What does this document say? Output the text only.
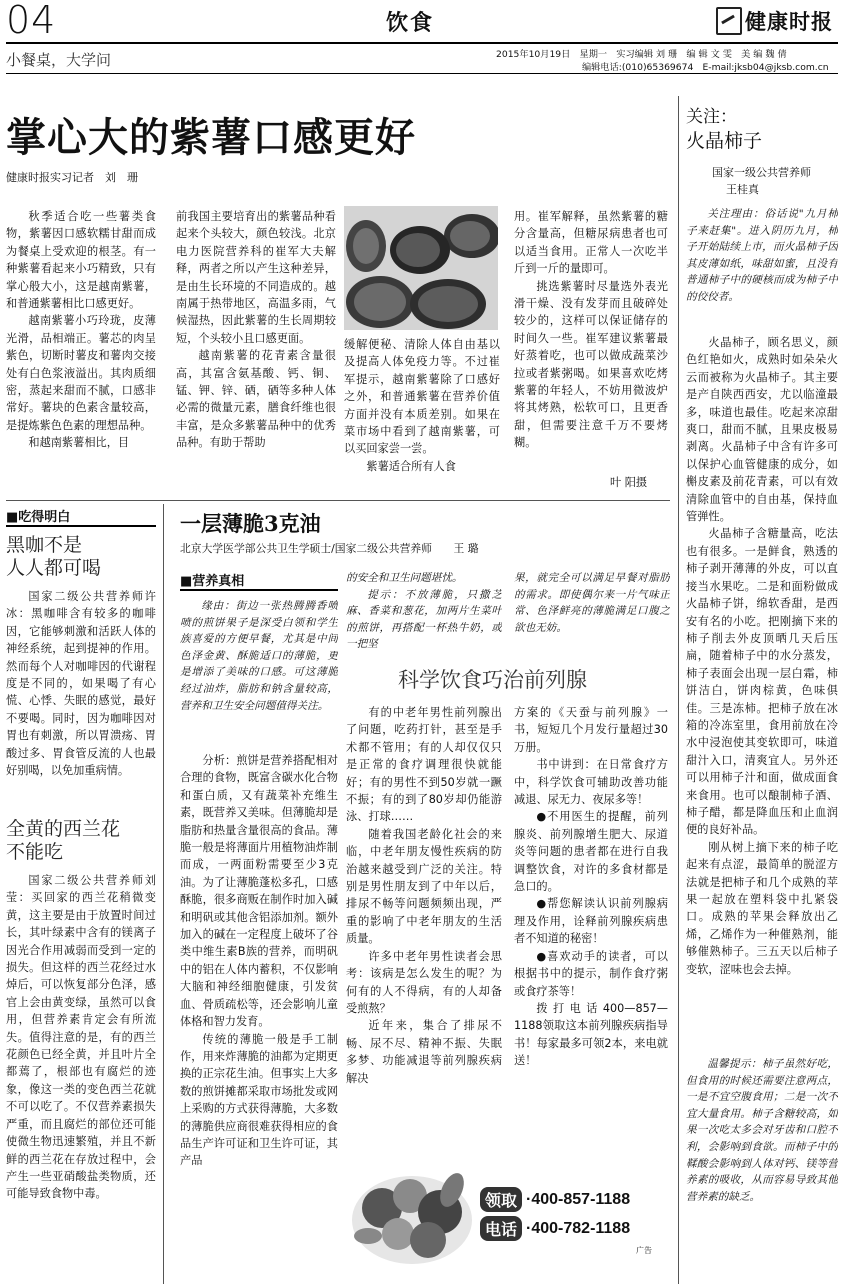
04	饮食	健康时报
小餐桌，大学问	2015年10月19日　星期一　实习编辑 刘 珊　编 辑 文 雯　美 编 魏 倩
编辑电话:(010)65369674　E-mail:jksb04@jksb.com.cn
掌心大的紫薯口感更好
健康时报实习记者　刘　珊

秋季适合吃一些薯类食物，紫薯因口感软糯甘甜而成为餐桌上受欢迎的根茎。有一种紫薯看起来小巧精致，只有掌心般大小，这是越南紫薯，和普通紫薯相比口感更好。

越南紫薯小巧玲珑，皮薄光滑，品相端正。薯芯的肉呈紫色，切断时薯皮和薯肉交接处有白色浆液溢出。其肉质细密，蒸起来甜而不腻，口感非常好。薯块的色素含量较高，是提炼紫色色素的理想品种。

和越南紫薯相比，目

前我国主要培育出的紫薯品种看起来个头较大，颜色较浅。北京电力医院营养科的崔军大夫解释，两者之所以产生这种差异，是由生长环境的不同造成的。越南属于热带地区，高温多雨，气候湿热，因此紫薯的生长周期较短，个头较小且口感更面。

越南紫薯的花青素含量很高，其富含氨基酸、钙、铜、锰、钾、锌、硒，硒等多种人体必需的微量元素，膳食纤维也很丰富，是众多紫薯品种中的优秀品种。有助于帮助

缓解便秘、清除人体自由基以及提高人体免疫力等。不过崔军提示，越南紫薯除了口感好之外，和普通紫薯在营养价值方面并没有本质差别。如果在菜市场中看到了越南紫薯，可以买回家尝一尝。

紫薯适合所有人食

用。崔军解释，虽然紫薯的糖分含量高，但糖尿病患者也可以适当食用。正常人一次吃半斤到一斤的量即可。

挑选紫薯时尽量选外表光滑干燥、没有发芽而且破碎处较少的，这样可以保证储存的时间久一些。崔军建议紫薯最好蒸着吃，也可以做成蔬菜沙拉或者紫粥喝。如果喜欢吃烤紫薯的年轻人，不妨用微波炉将其烤熟，松软可口，且更香甜，但需要注意千万不要烤糊。

叶 阳摄
■吃得明白
黑咖不是
人人都可喝

国家二级公共营养师许冰：黑咖啡含有较多的咖啡因，它能够刺激和活跃人体的神经系统，起到提神的作用。然而每个人对咖啡因的代谢程度是不同的，如果喝了有心慌、心悸、失眠的感觉，最好不要喝。同时，因为咖啡因对胃也有刺激，所以胃溃疡、胃酸过多、胃食管反流的人也最好别喝，以免加重病情。

全黄的西兰花
不能吃

国家二级公共营养师刘莹：买回家的西兰花稍微变黄，这主要是由于放置时间过长，其叶绿素中含有的镁离子因光合作用减弱而受到一定的损失。但这样的西兰花经过水焯后，可以恢复部分色泽，感官上会由黄变绿，虽然可以食用，但营养素肯定会有所流失。值得注意的是，有的西兰花颜色已经全黄，并且叶片全都蔫了，根部也有腐烂的迹象，像这一类的变色西兰花就不可以吃了。不仅营养素损失严重，而且腐烂的部位还可能使微生物迅速繁殖，并且不新鲜的西兰花在存放过程中，会产生一些亚硝酸盐类物质，还可能导致食物中毒。

一层薄脆3克油
北京大学医学部公共卫生学硕士/国家二级公共营养师　　王 璐
■营养真相

缘由：街边一张热腾腾香喷喷的煎饼果子是深受白领和学生族喜爱的方便早餐，尤其是中间色泽金黄、酥脆适口的薄脆，更是增添了美味的口感。可这薄脆经过油炸，脂肪和钠含量较高，营养和卫生安全问题值得关注。

分析：煎饼是营养搭配相对合理的食物，既富含碳水化合物和蛋白质，又有蔬菜补充维生素，既营养又美味。但薄脆却是脂肪和热量含量很高的食品。薄脆一般是将薄面片用植物油炸制而成，一两面粉需要至少3克油。为了让薄脆蓬松多孔，口感酥脆，很多商贩在制作时加入碱和明矾或其他含铝添加剂。额外加入的碱在一定程度上破坏了谷类中维生素B族的营养，而明矾中的铝在人体内蓄积，不仅影响大脑和神经细胞健康，引发贫血、骨质疏松等，还会影响儿童体格和智力发育。

传统的薄脆一般是手工制作，用来炸薄脆的油都为定期更换的正宗花生油。但事实上大多数的煎饼摊都采取市场批发或网上采购的方式获得薄脆，大多数的薄脆供应商很难获得相应的食品生产许可证和卫生许可证，其产品

的安全和卫生问题堪忧。

提示：不放薄脆，只撒芝麻、香菜和葱花，加两片生菜叶的煎饼，再搭配一杯热牛奶，或一把坚

果，就完全可以满足早餐对脂肪的需求。即使偶尔来一片气味正常、色泽鲜亮的薄脆满足口腹之欲也无妨。

科学饮食巧治前列腺

有的中老年男性前列腺出了问题，吃药打针，甚至是手术都不管用；有的人却仅仅只是正常的食疗调理很快就能好；有的男性不到50岁就一蹶不振；有的到了80岁却仍能游泳、打球……

随着我国老龄化社会的来临，中老年朋友慢性疾病的防治越来越受到广泛的关注。特别是男性朋友到了中年以后，排尿不畅等问题频频出现，严重的影响了中老年朋友的生活质量。

许多中老年男性读者会思考：该病是怎么发生的呢？为何有的人不得病，有的人却备受煎熬？

近年来，集合了排尿不畅、尿不尽、精神不振、失眠多梦、功能减退等前列腺疾病解决

方案的《天蚕与前列腺》一书，短短几个月发行量超过30万册。

书中讲到：在日常食疗方中，科学饮食可辅助改善功能减退、尿无力、夜尿多等！

●不用医生的提醒，前列腺炎、前列腺增生肥大、尿道炎等问题的患者都在进行自我调整饮食，对许的多食材都是急口的。

●帮您解读认识前列腺病理及作用，诠释前列腺疾病患者不知道的秘密！

●喜欢动手的读者，可以根据书中的提示，制作食疗粥或食疗茶等！

拨打电话400—857—1188领取这本前列腺疾病指导书！每家最多可领2本，来电就送！

领取 ·400-857-1188
电话 ·400-782-1188
广告
关注：
火晶柿子
国家一级公共营养师
王桂真

关注理由：俗话说"九月柿子来赶集"。进入阴历九月，柿子开始陆续上市，而火晶柿子因其皮薄如纸，味甜如蜜，且没有普通柿子中的硬核而成为柿子中的佼佼者。

火晶柿子，顾名思义，颜色红艳如火，成熟时如朵朵火云而被称为火晶柿子。其主要是产自陕西西安，尤以临潼最多，味道也最佳。吃起来凉甜爽口，甜而不腻，且果皮极易剥离。火晶柿子中含有许多可以保护心血管健康的成分，如槲皮素及前花青素，可以有效清除血管中的自由基，保持血管弹性。

火晶柿子含糖量高，吃法也有很多。一是鲜食，熟透的柿子剥开薄薄的外皮，可以直接当水果吃。二是和面粉做成火晶柿子饼，绵软香甜，是西安有名的小吃。把刚摘下来的柿子削去外皮顶晒几天后压扁，随着柿子中的水分蒸发，柿子表面会出现一层白霜，柿饼洁白，饼肉棕黄，色味俱佳。三是冻柿。把柿子放在冰箱的冷冻室里，食用前放在冷水中浸泡使其变软即可，味道甜汁入口，清爽宜人。另外还可以用柿子汁和面，做成面食来食用。也可以酿制柿子酒、柿子醋，都是降血压和止血润便的良好补品。

刚从树上摘下来的柿子吃起来有点涩，最简单的脱涩方法就是把柿子和几个成熟的苹果一起放在塑料袋中扎紧袋口。成熟的苹果会释放出乙烯，乙烯作为一种催熟剂，能够催熟柿子。三五天以后柿子变软，涩味也会去掉。

温馨提示：柿子虽然好吃，但食用的时候还需要注意两点，一是不宜空腹食用；二是一次不宜大量食用。柿子含糖较高，如果一次吃太多会对牙齿和口腔不利，会影响到食欲。而柿子中的鞣酸会影响到人体对钙、镁等营养素的吸收，从而容易导致其他营养素的缺乏。
